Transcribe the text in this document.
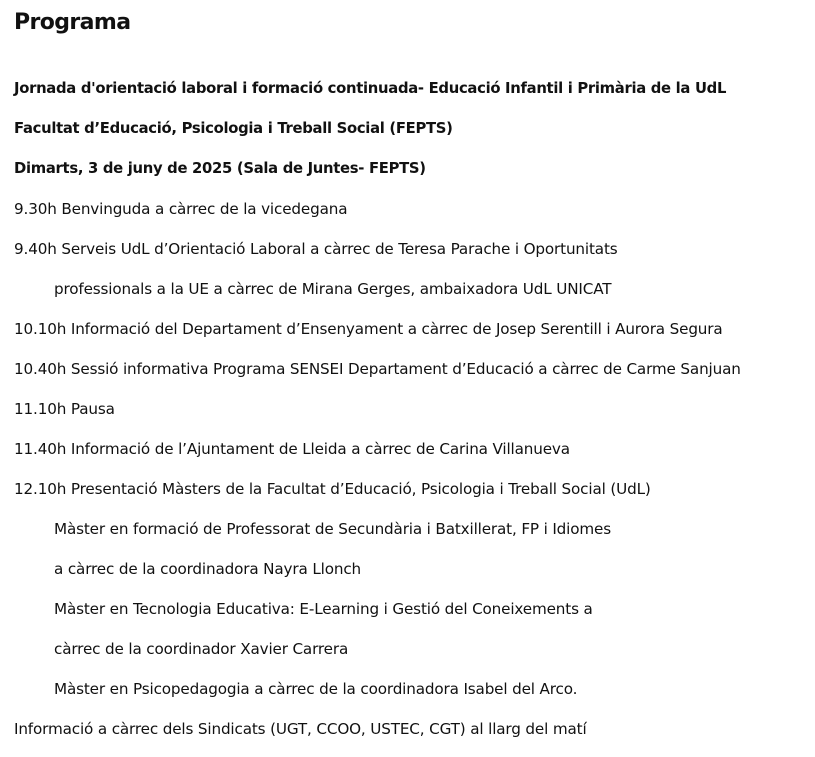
Programa

Jornada d'orientació laboral i formació continuada- Educació Infantil i Primària de la UdL

Facultat d’Educació, Psicologia i Treball Social (FEPTS)

Dimarts, 3 de juny de 2025 (Sala de Juntes- FEPTS)

9.30h Benvinguda a càrrec de la vicedegana

9.40h Serveis UdL d’Orientació Laboral a càrrec de Teresa Parache i Oportunitats

professionals a la UE a càrrec de Mirana Gerges, ambaixadora UdL UNICAT

10.10h Informació del Departament d’Ensenyament a càrrec de Josep Serentill i Aurora Segura

10.40h Sessió informativa Programa SENSEI Departament d’Educació a càrrec de Carme Sanjuan

11.10h Pausa

11.40h Informació de l’Ajuntament de Lleida a càrrec de Carina Villanueva

12.10h Presentació Màsters de la Facultat d’Educació, Psicologia i Treball Social (UdL)

Màster en formació de Professorat de Secundària i Batxillerat, FP i Idiomes

a càrrec de la coordinadora Nayra Llonch

Màster en Tecnologia Educativa: E-Learning i Gestió del Coneixements a

càrrec de la coordinador Xavier Carrera

Màster en Psicopedagogia a càrrec de la coordinadora Isabel del Arco.

Informació a càrrec dels Sindicats (UGT, CCOO, USTEC, CGT) al llarg del matí
